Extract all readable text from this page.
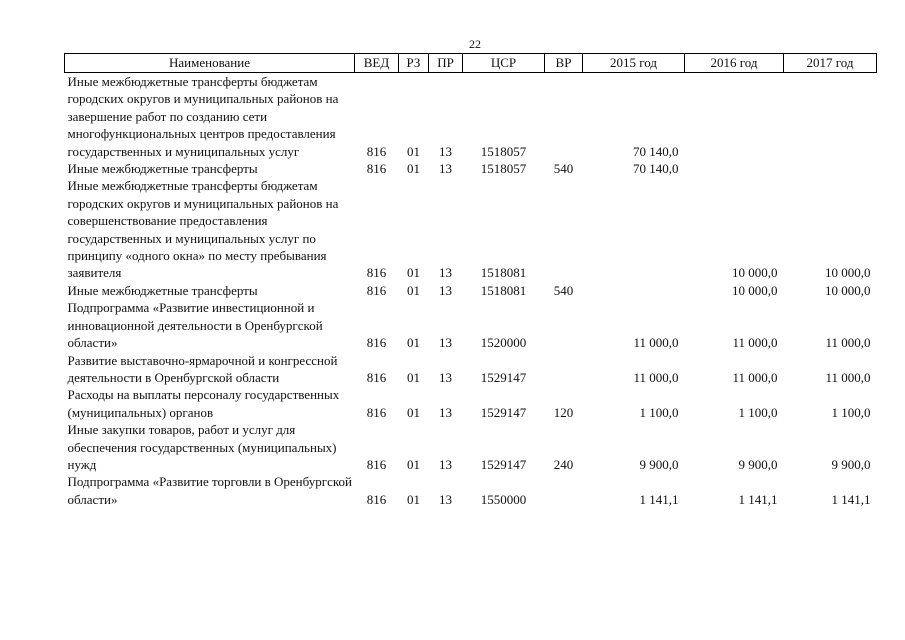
22
Наименование	ВЕД	РЗ	ПР	ЦСР	ВР	2015 год	2016 год	2017 год
Иные межбюджетные трансферты бюджетам городских округов и муниципальных районов на завершение работ по созданию сети многофункциональных центров предоставления государственных и муниципальных услуг	816	01	13	1518057		70 140,0		
Иные межбюджетные трансферты	816	01	13	1518057	540	70 140,0		
Иные межбюджетные трансферты бюджетам городских округов и муниципальных районов на совершенствование предоставления государственных и муниципальных услуг по принципу «одного окна» по месту пребывания заявителя	816	01	13	1518081			10 000,0	10 000,0
Иные межбюджетные трансферты	816	01	13	1518081	540		10 000,0	10 000,0
Подпрограмма «Развитие инвестиционной и инновационной деятельности в Оренбургской области»	816	01	13	1520000		11 000,0	11 000,0	11 000,0
Развитие выставочно-ярмарочной и конгрессной деятельности в Оренбургской области	816	01	13	1529147		11 000,0	11 000,0	11 000,0
Расходы на выплаты персоналу государственных (муниципальных) органов	816	01	13	1529147	120	1 100,0	1 100,0	1 100,0
Иные закупки товаров, работ и услуг для обеспечения государственных (муниципальных) нужд	816	01	13	1529147	240	9 900,0	9 900,0	9 900,0
Подпрограмма «Развитие торговли в Оренбургской области»	816	01	13	1550000		1 141,1	1 141,1	1 141,1
